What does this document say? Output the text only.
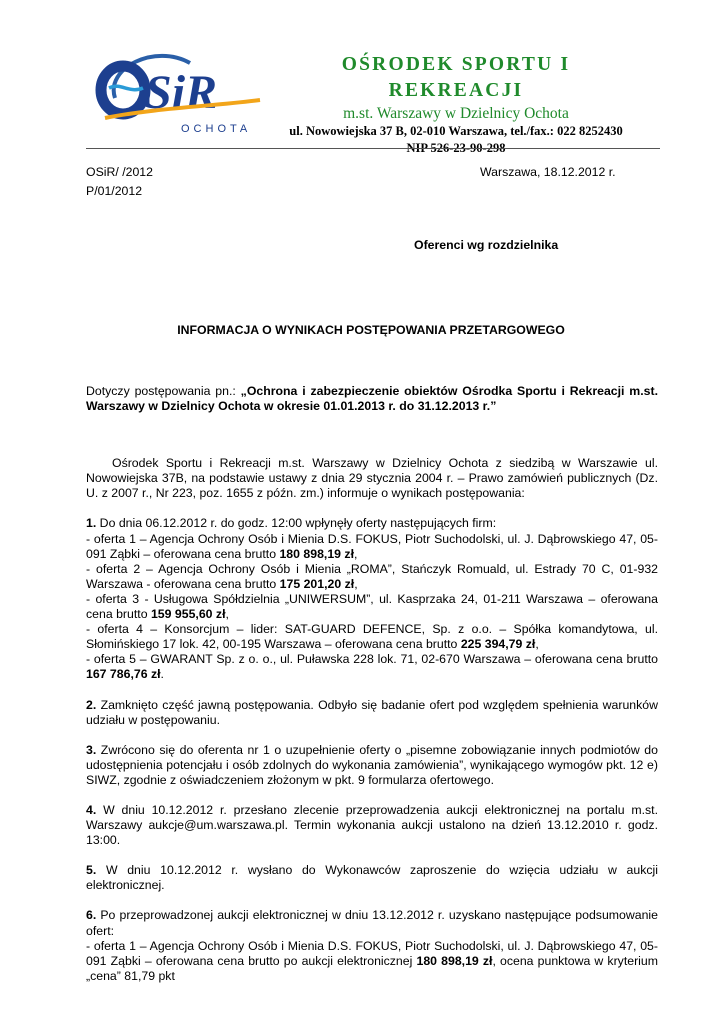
SiR
OCHOTA
OŚRODEK SPORTU I REKREACJI
m.st. Warszawy w Dzielnicy Ochota
ul. Nowowiejska 37 B, 02-010 Warszawa, tel./fax.: 022 8252430
NIP 526-23-90-298
OSiR/ /2012
P/01/2012
Warszawa, 18.12.2012 r.
Oferenci wg rozdzielnika
INFORMACJA O WYNIKACH POSTĘPOWANIA PRZETARGOWEGO

Dotyczy postępowania pn.: „Ochrona i zabezpieczenie obiektów Ośrodka Sportu i Rekreacji m.st. Warszawy w Dzielnicy Ochota w okresie 01.01.2013 r. do 31.12.2013 r.”

Ośrodek Sportu i Rekreacji m.st. Warszawy w Dzielnicy Ochota z siedzibą w Warszawie ul. Nowowiejska 37B, na podstawie ustawy z dnia 29 stycznia 2004 r. – Prawo zamówień publicznych (Dz. U. z 2007 r., Nr 223, poz. 1655 z późn. zm.) informuje o wynikach postępowania:

1. Do dnia 06.12.2012 r. do godz. 12:00 wpłynęły oferty następujących firm:

- oferta 1 – Agencja Ochrony Osób i Mienia D.S. FOKUS, Piotr Suchodolski, ul. J. Dąbrowskiego 47, 05-091 Ząbki – oferowana cena brutto 180 898,19 zł,

- oferta 2 – Agencja Ochrony Osób i Mienia „ROMA”, Stańczyk Romuald, ul. Estrady 70 C, 01-932 Warszawa - oferowana cena brutto 175 201,20 zł,

- oferta 3 - Usługowa Spółdzielnia „UNIWERSUM”, ul. Kasprzaka 24, 01-211 Warszawa – oferowana cena brutto 159 955,60 zł,

- oferta 4 – Konsorcjum – lider: SAT-GUARD DEFENCE, Sp. z o.o. – Spółka komandytowa, ul. Słomińskiego 17 lok. 42, 00-195 Warszawa – oferowana cena brutto 225 394,79 zł,

- oferta 5 – GWARANT Sp. z o. o., ul. Puławska 228 lok. 71, 02-670 Warszawa – oferowana cena brutto 167 786,76 zł.

2. Zamknięto część jawną postępowania. Odbyło się badanie ofert pod względem spełnienia warunków udziału w postępowaniu.

3. Zwrócono się do oferenta nr 1 o uzupełnienie oferty o „pisemne zobowiązanie innych podmiotów do udostępnienia potencjału i osób zdolnych do wykonania zamówienia”, wynikającego wymogów pkt. 12 e) SIWZ, zgodnie z oświadczeniem złożonym w pkt. 9 formularza ofertowego.

4. W dniu 10.12.2012 r. przesłano zlecenie przeprowadzenia aukcji elektronicznej na portalu m.st. Warszawy aukcje@um.warszawa.pl. Termin wykonania aukcji ustalono na dzień 13.12.2010 r. godz. 13:00.

5. W dniu 10.12.2012 r. wysłano do Wykonawców zaproszenie do wzięcia udziału w aukcji elektronicznej.

6. Po przeprowadzonej aukcji elektronicznej w dniu 13.12.2012 r. uzyskano następujące podsumowanie ofert:

- oferta 1 – Agencja Ochrony Osób i Mienia D.S. FOKUS, Piotr Suchodolski, ul. J. Dąbrowskiego 47, 05-091 Ząbki – oferowana cena brutto po aukcji elektronicznej 180 898,19 zł, ocena punktowa w kryterium „cena” 81,79 pkt
